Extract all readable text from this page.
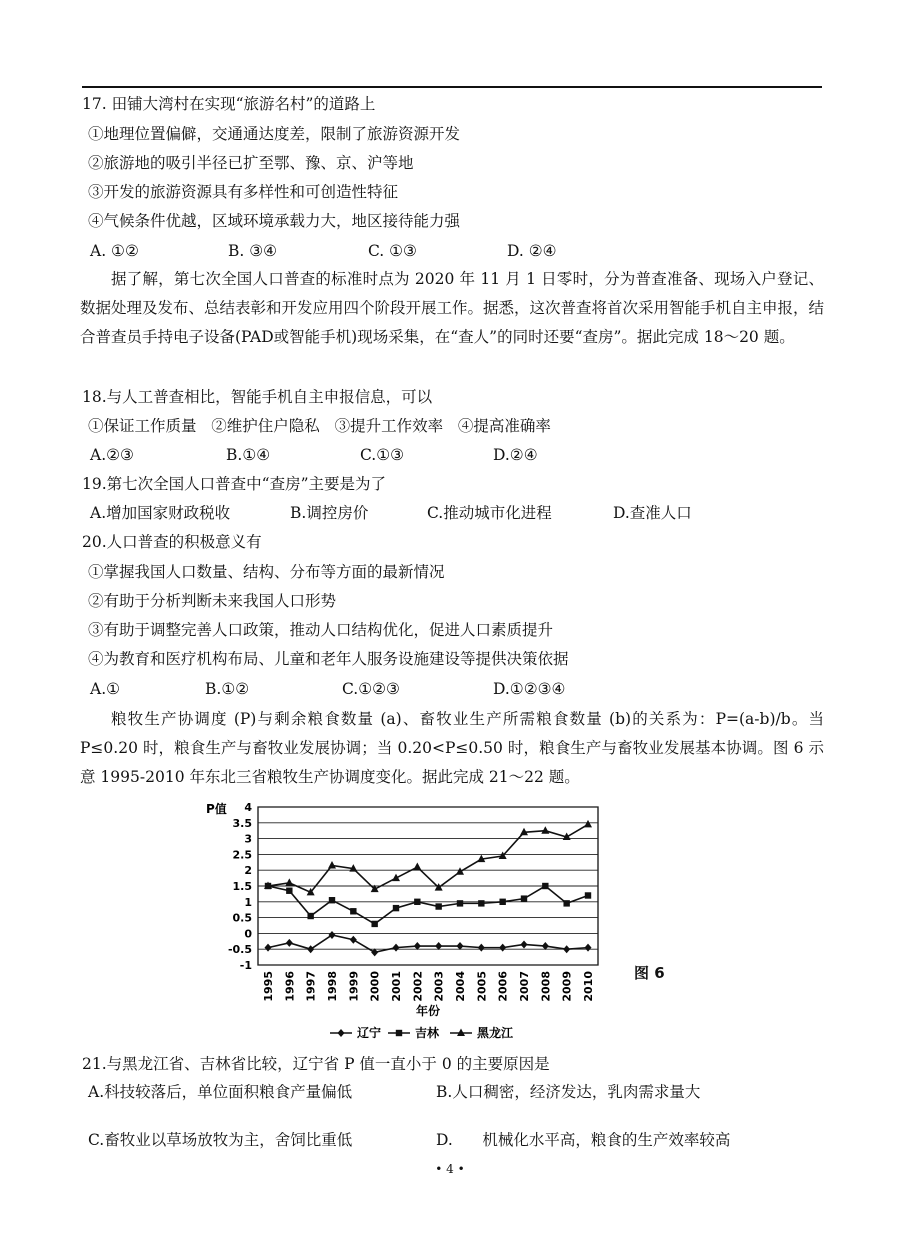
17. 田铺大湾村在实现“旅游名村”的道路上
①地理位置偏僻，交通通达度差，限制了旅游资源开发
②旅游地的吸引半径已扩至鄂、豫、京、沪等地
③开发的旅游资源具有多样性和可创造性特征
④气候条件优越，区域环境承载力大，地区接待能力强
A. ①②	B. ③④	C. ①③	D. ②④
据了解，第七次全国人口普查的标准时点为 2020 年 11 月 1 日零时，分为普查准备、现场入户登记、数据处理及发布、总结表彰和开发应用四个阶段开展工作。据悉，这次普查将首次采用智能手机自主申报，结合普查员手持电子设备(PAD或智能手机)现场采集，在“查人”的同时还要“查房”。据此完成 18～20 题。
18.与人工普查相比，智能手机自主申报信息，可以
①保证工作质量   ②维护住户隐私   ③提升工作效率   ④提高准确率
A.②③	B.①④	C.①③	D.②④
19.第七次全国人口普查中“查房”主要是为了
A.增加国家财政税收	B.调控房价	C.推动城市化进程	D.查准人口
20.人口普查的积极意义有
①掌握我国人口数量、结构、分布等方面的最新情况
②有助于分析判断未来我国人口形势
③有助于调整完善人口政策，推动人口结构优化，促进人口素质提升
④为教育和医疗机构布局、儿童和老年人服务设施建设等提供决策依据
A.①	B.①②	C.①②③	D.①②③④
粮牧生产协调度 (P)与剩余粮食数量 (a)、畜牧业生产所需粮食数量 (b)的关系为：P=(a-b)/b。当 P≤0.20 时，粮食生产与畜牧业发展协调；当 0.20<P≤0.50 时，粮食生产与畜牧业发展基本协调。图 6 示意 1995-2010 年东北三省粮牧生产协调度变化。据此完成 21～22 题。
4
3.5
3
2.5
2
1.5
1
0.5
0
-0.5
-1
P值
1995 1996 1997 1998 1999 2000 2001 2002 2003 2004 2005 2006 2007 2008 2009 2010
年份
辽宁	吉林	黑龙江
图 6
21.与黑龙江省、吉林省比较，辽宁省 P 值一直小于 0 的主要原因是
A.科技较落后，单位面积粮食产量偏低	B.人口稠密，经济发达，乳肉需求量大
C.畜牧业以草场放牧为主，舍饲比重低	D.      机械化水平高，粮食的生产效率较高
• 4 •
